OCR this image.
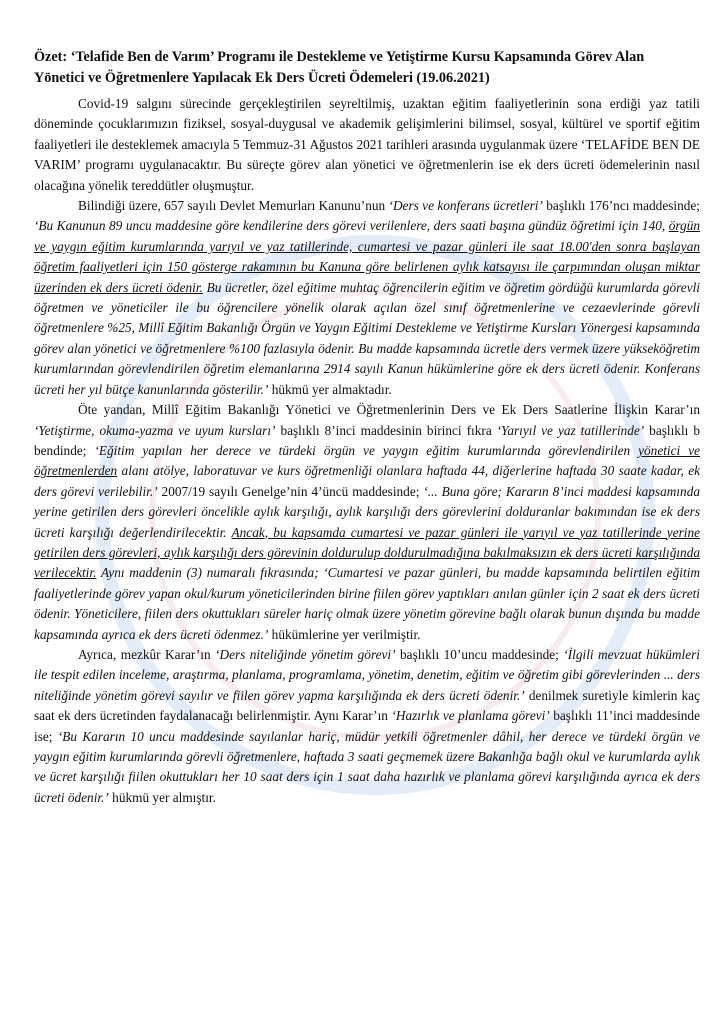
Özet: ‘Telafide Ben de Varım’ Programı ile Destekleme ve Yetiştirme Kursu Kapsamında Görev Alan Yönetici ve Öğretmenlere Yapılacak Ek Ders Ücreti Ödemeleri (19.06.2021)

Covid-19 salgını sürecinde gerçekleştirilen seyreltilmiş, uzaktan eğitim faaliyetlerinin sona erdiği yaz tatili döneminde çocuklarımızın fiziksel, sosyal-duygusal ve akademik gelişimlerini bilimsel, sosyal, kültürel ve sportif eğitim faaliyetleri ile desteklemek amacıyla 5 Temmuz-31 Ağustos 2021 tarihleri arasında uygulanmak üzere ‘TELAFİDE BEN DE VARIM’ programı uygulanacaktır. Bu süreçte görev alan yönetici ve öğretmenlerin ise ek ders ücreti ödemelerinin nasıl olacağına yönelik tereddütler oluşmuştur.

Bilindiği üzere, 657 sayılı Devlet Memurları Kanunu’nun ‘Ders ve konferans ücretleri’ başlıklı 176’ncı maddesinde; ‘Bu Kanunun 89 uncu maddesine göre kendilerine ders görevi verilenlere, ders saati başına gündüz öğretimi için 140, örgün ve yaygın eğitim kurumlarında yarıyıl ve yaz tatillerinde, cumartesi ve pazar günleri ile saat 18.00'den sonra başlayan öğretim faaliyetleri için 150 gösterge rakamının bu Kanuna göre belirlenen aylık katsayısı ile çarpımından oluşan miktar üzerinden ek ders ücreti ödenir. Bu ücretler, özel eğitime muhtaç öğrencilerin eğitim ve öğretim gördüğü kurumlarda görevli öğretmen ve yöneticiler ile bu öğrencilere yönelik olarak açılan özel sınıf öğretmenlerine ve cezaevlerinde görevli öğretmenlere %25, Millî Eğitim Bakanlığı Örgün ve Yaygın Eğitimi Destekleme ve Yetiştirme Kursları Yönergesi kapsamında görev alan yönetici ve öğretmenlere %100 fazlasıyla ödenir. Bu madde kapsamında ücretle ders vermek üzere yükseköğretim kurumlarından görevlendirilen öğretim elemanlarına 2914 sayılı Kanun hükümlerine göre ek ders ücreti ödenir. Konferans ücreti her yıl bütçe kanunlarında gösterilir.’ hükmü yer almaktadır.

Öte yandan, Millî Eğitim Bakanlığı Yönetici ve Öğretmenlerinin Ders ve Ek Ders Saatlerine İlişkin Karar’ın ‘Yetiştirme, okuma-yazma ve uyum kursları’ başlıklı 8’inci maddesinin birinci fıkra ‘Yarıyıl ve yaz tatillerinde’ başlıklı b bendinde; ‘Eğitim yapılan her derece ve türdeki örgün ve yaygın eğitim kurumlarında görevlendirilen yönetici ve öğretmenlerden alanı atölye, laboratuvar ve kurs öğretmenliği olanlara haftada 44, diğerlerine haftada 30 saate kadar, ek ders görevi verilebilir.’ 2007/19 sayılı Genelge’nin 4’üncü maddesinde; ‘... Buna göre; Kararın 8’inci maddesi kapsamında yerine getirilen ders görevleri öncelikle aylık karşılığı, aylık karşılığı ders görevlerini dolduranlar bakımından ise ek ders ücreti karşılığı değerlendirilecektir. Ancak, bu kapsamda cumartesi ve pazar günleri ile yarıyıl ve yaz tatillerinde yerine getirilen ders görevleri, aylık karşılığı ders görevinin doldurulup doldurulmadığına bakılmaksızın ek ders ücreti karşılığında verilecektir. Aynı maddenin (3) numaralı fıkrasında; ‘Cumartesi ve pazar günleri, bu madde kapsamında belirtilen eğitim faaliyetlerinde görev yapan okul/kurum yöneticilerinden birine fiilen görev yaptıkları anılan günler için 2 saat ek ders ücreti ödenir. Yöneticilere, fiilen ders okuttukları süreler hariç olmak üzere yönetim görevine bağlı olarak bunun dışında bu madde kapsamında ayrıca ek ders ücreti ödenmez.’ hükümlerine yer verilmiştir.

Ayrıca, mezkûr Karar’ın ‘Ders niteliğinde yönetim görevi’ başlıklı 10’uncu maddesinde; ‘İlgili mevzuat hükümleri ile tespit edilen inceleme, araştırma, planlama, programlama, yönetim, denetim, eğitim ve öğretim gibi görevlerinden ... ders niteliğinde yönetim görevi sayılır ve fiilen görev yapma karşılığında ek ders ücreti ödenir.’ denilmek suretiyle kimlerin kaç saat ek ders ücretinden faydalanacağı belirlenmiştir. Aynı Karar’ın ‘Hazırlık ve planlama görevi’ başlıklı 11’inci maddesinde ise; ‘Bu Kararın 10 uncu maddesinde sayılanlar hariç, müdür yetkili öğretmenler dâhil, her derece ve türdeki örgün ve yaygın eğitim kurumlarında görevli öğretmenlere, haftada 3 saati geçmemek üzere Bakanlığa bağlı okul ve kurumlarda aylık ve ücret karşılığı fiilen okuttukları her 10 saat ders için 1 saat daha hazırlık ve planlama görevi karşılığında ayrıca ek ders ücreti ödenir.’ hükmü yer almıştır.
